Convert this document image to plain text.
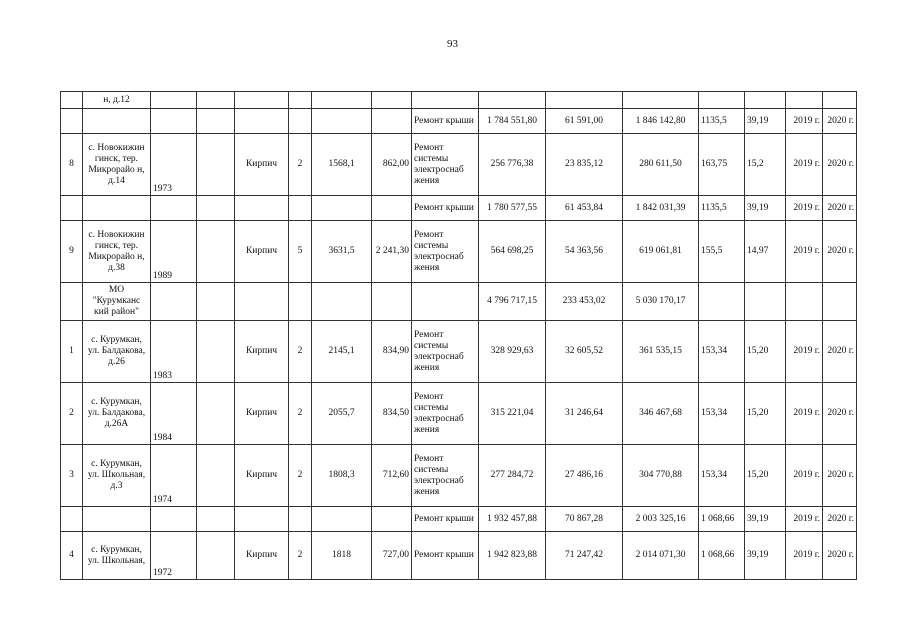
93
	н, д.12														
								Ремонт крыши	1 784 551,80	61 591,00	1 846 142,80	1135,5	39,19	2019 г.	2020 г.
8	с. Новокижин гинск, тер. Микрорайо н, д.14	1973		Кирпич	2	1568,1	862,00	Ремонт системы электроснаб жения	256 776,38	23 835,12	280 611,50	163,75	15,2	2019 г.	2020 г.
								Ремонт крыши	1 780 577,55	61 453,84	1 842 031,39	1135,5	39,19	2019 г.	2020 г.
9	с. Новокижин гинск, тер. Микрорайо н, д.38	1989		Кирпич	5	3631,5	2 241,30	Ремонт системы электроснаб жения	564 698,25	54 363,56	619 061,81	155,5	14,97	2019 г.	2020 г.
	МО "Курумканс кий район"								4 796 717,15	233 453,02	5 030 170,17				
1	с. Курумкан, ул. Балдакова, д.26	1983		Кирпич	2	2145,1	834,90	Ремонт системы электроснаб жения	328 929,63	32 605,52	361 535,15	153,34	15,20	2019 г.	2020 г.
2	с. Курумкан, ул. Балдакова, д.26А	1984		Кирпич	2	2055,7	834,50	Ремонт системы электроснаб жения	315 221,04	31 246,64	346 467,68	153,34	15,20	2019 г.	2020 г.
3	с. Курумкан, ул. Школьная, д.3	1974		Кирпич	2	1808,3	712,60	Ремонт системы электроснаб жения	277 284,72	27 486,16	304 770,88	153,34	15,20	2019 г.	2020 г.
								Ремонт крыши	1 932 457,88	70 867,28	2 003 325,16	1 068,66	39,19	2019 г.	2020 г.
4	с. Курумкан, ул. Школьная,	1972		Кирпич	2	1818	727,00	Ремонт крыши	1 942 823,88	71 247,42	2 014 071,30	1 068,66	39,19	2019 г.	2020 г.
